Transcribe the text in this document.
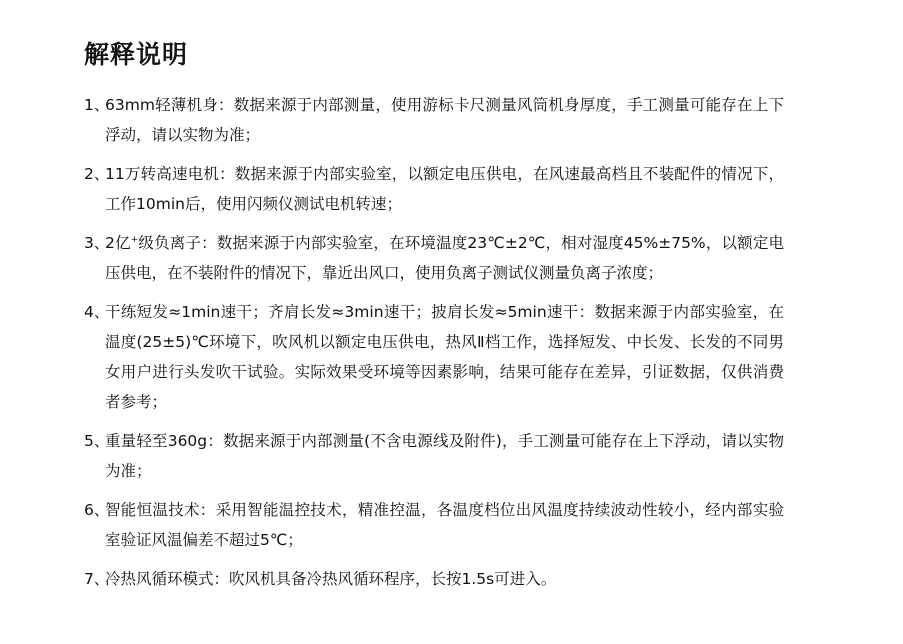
解释说明
1、
63mm轻薄机身：数据来源于内部测量，使用游标卡尺测量风筒机身厚度，手工测量可能存在上下浮动，请以实物为准；
2、
11万转高速电机：数据来源于内部实验室，以额定电压供电，在风速最高档且不装配件的情况下，工作10min后，使用闪频仪测试电机转速；
3、
2亿+级负离子：数据来源于内部实验室，在环境温度23℃±2℃，相对湿度45%±75%，以额定电压供电，在不装附件的情况下，靠近出风口，使用负离子测试仪测量负离子浓度；
4、
干练短发≈1min速干；齐肩长发≈3min速干；披肩长发≈5min速干：数据来源于内部实验室，在温度(25±5)℃环境下，吹风机以额定电压供电，热风Ⅱ档工作，选择短发、中长发、长发的不同男女用户进行头发吹干试验。实际效果受环境等因素影响，结果可能存在差异，引证数据，仅供消费者参考；
5、
重量轻至360g：数据来源于内部测量(不含电源线及附件)，手工测量可能存在上下浮动，请以实物为准；
6、
智能恒温技术：采用智能温控技术，精准控温，各温度档位出风温度持续波动性较小，经内部实验室验证风温偏差不超过5℃；
7、
冷热风循环模式：吹风机具备冷热风循环程序，长按1.5s可进入。
